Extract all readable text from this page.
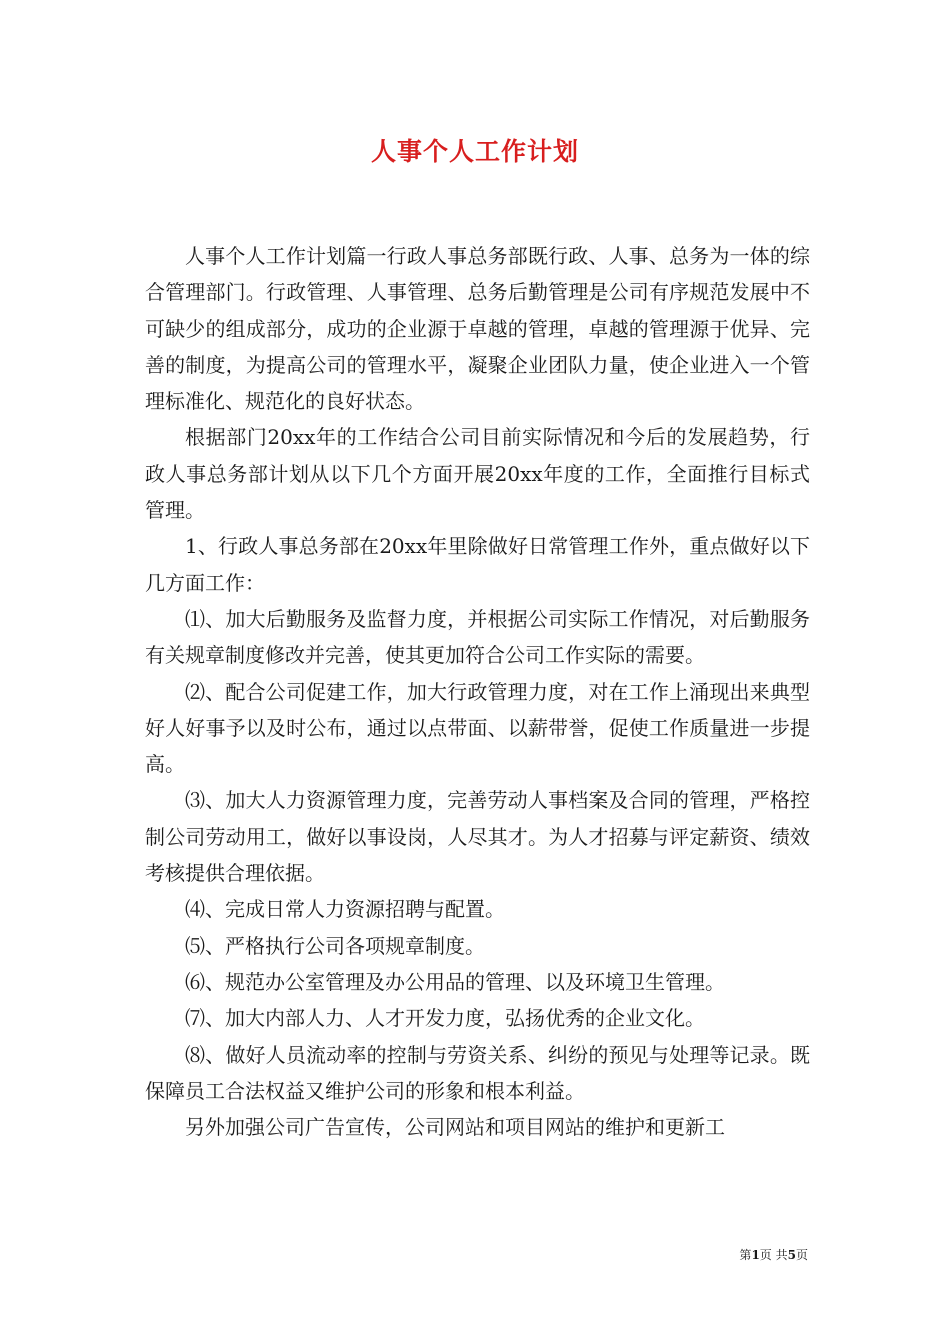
人事个人工作计划

人事个人工作计划篇一行政人事总务部既行政、人事、总务为一体的综合管理部门。行政管理、人事管理、总务后勤管理是公司有序规范发展中不可缺少的组成部分，成功的企业源于卓越的管理，卓越的管理源于优异、完善的制度，为提高公司的管理水平，凝聚企业团队力量，使企业进入一个管理标准化、规范化的良好状态。

根据部门20xx年的工作结合公司目前实际情况和今后的发展趋势，行政人事总务部计划从以下几个方面开展20xx年度的工作，全面推行目标式管理。

1、行政人事总务部在20xx年里除做好日常管理工作外，重点做好以下几方面工作：

⑴、加大后勤服务及监督力度，并根据公司实际工作情况，对后勤服务有关规章制度修改并完善，使其更加符合公司工作实际的需要。

⑵、配合公司促建工作，加大行政管理力度，对在工作上涌现出来典型好人好事予以及时公布，通过以点带面、以薪带誉，促使工作质量进一步提高。

⑶、加大人力资源管理力度，完善劳动人事档案及合同的管理，严格控制公司劳动用工，做好以事设岗，人尽其才。为人才招募与评定薪资、绩效考核提供合理依据。

⑷、完成日常人力资源招聘与配置。

⑸、严格执行公司各项规章制度。

⑹、规范办公室管理及办公用品的管理、以及环境卫生管理。

⑺、加大内部人力、人才开发力度，弘扬优秀的企业文化。

⑻、做好人员流动率的控制与劳资关系、纠纷的预见与处理等记录。既保障员工合法权益又维护公司的形象和根本利益。

另外加强公司广告宣传，公司网站和项目网站的维护和更新工

第1页 共5页
